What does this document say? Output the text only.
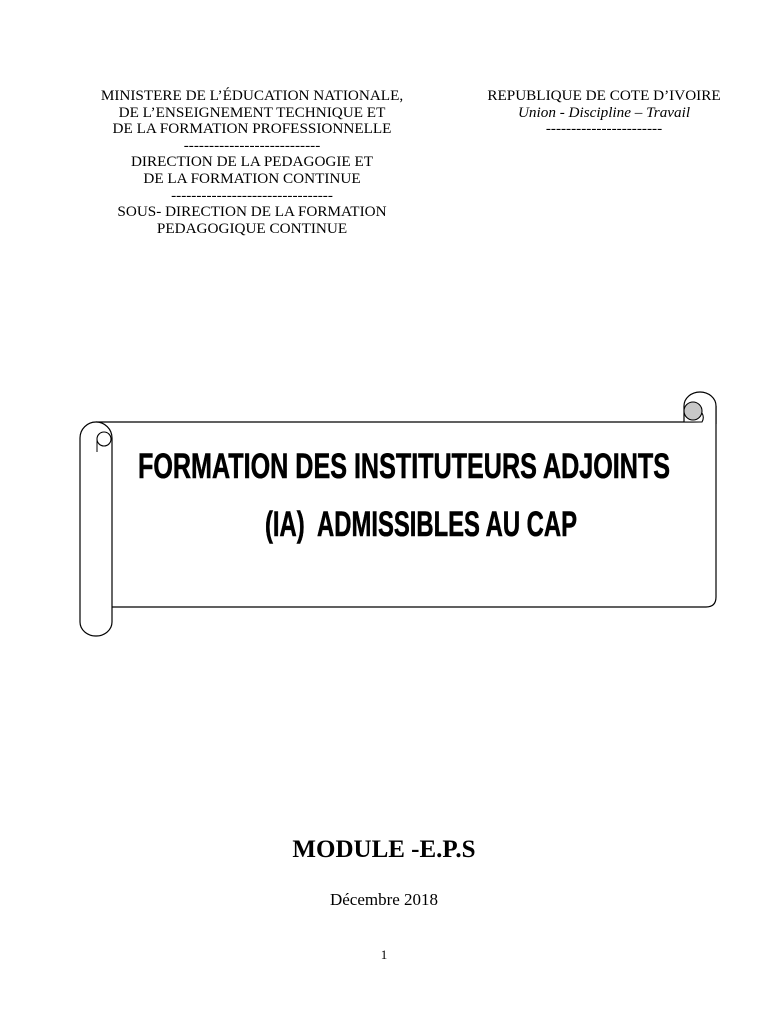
MINISTERE DE L’ÉDUCATION NATIONALE,
DE L’ENSEIGNEMENT TECHNIQUE ET
DE LA FORMATION PROFESSIONNELLE
---------------------------
DIRECTION DE LA PEDAGOGIE ET
DE LA FORMATION CONTINUE
--------------------------------
SOUS- DIRECTION DE LA FORMATION
PEDAGOGIQUE CONTINUE
REPUBLIQUE DE COTE D’IVOIRE
Union - Discipline – Travail
-----------------------
FORMATION DES INSTITUTEURS ADJOINTS
(IA)  ADMISSIBLES AU CAP
MODULE -E.P.S
Décembre 2018
1
